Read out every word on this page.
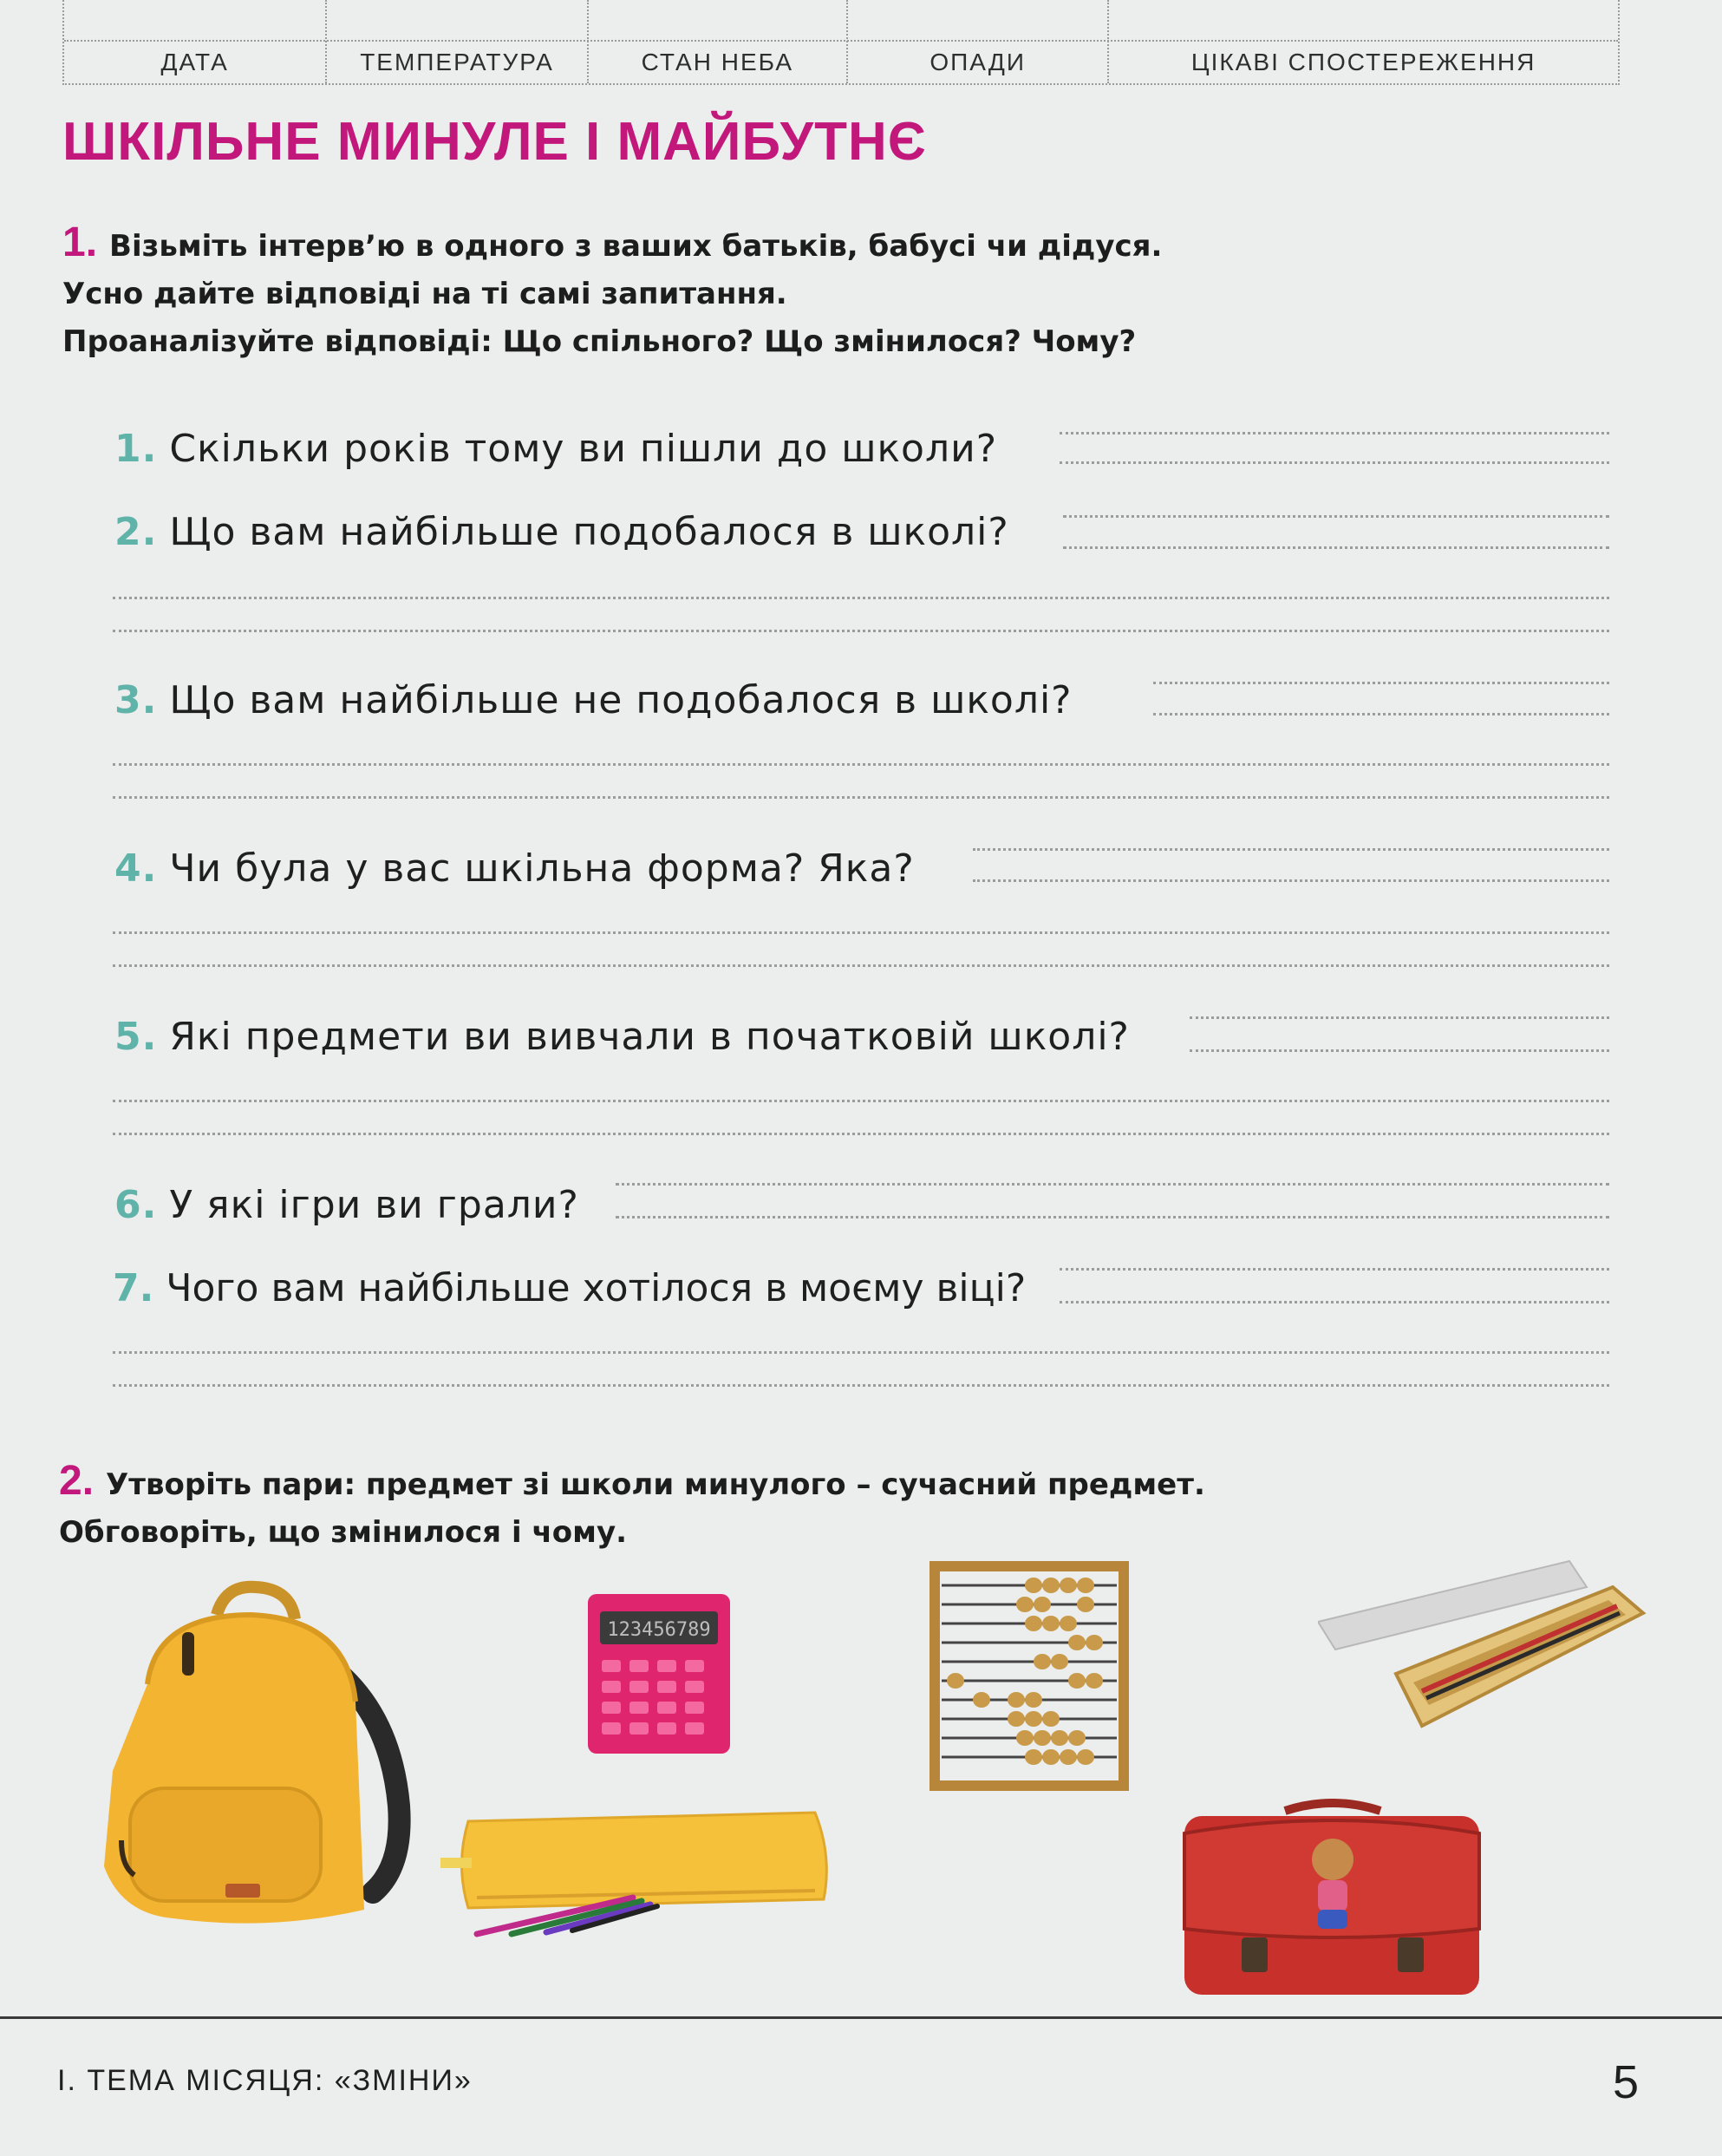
ДАТА	ТЕМПЕРАТУРА	СТАН НЕБА	ОПАДИ	ЦІКАВІ СПОСТЕРЕЖЕННЯ
ШКІЛЬНЕ МИНУЛЕ І МАЙБУТНЄ
1. Візьміть інтерв’ю в одного з ваших батьків, бабусі чи дідуся.
Усно дайте відповіді на ті самі запитання.
Проаналізуйте відповіді: Що спільного? Що змінилося? Чому?
1. Скільки років тому ви пішли до школи?
2. Що вам найбільше подобалося в школі?
3. Що вам найбільше не подобалося в школі?
4. Чи була у вас шкільна форма? Яка?
5. Які предмети ви вивчали в початковій школі?
6. У які ігри ви грали?
7. Чого вам найбільше хотілося в моєму віці?
2. Утворіть пари: предмет зі школи минулого – сучасний предмет.
Обговоріть, що змінилося і чому.
123456789
І. ТЕМА МІСЯЦЯ: «ЗМІНИ»	5
